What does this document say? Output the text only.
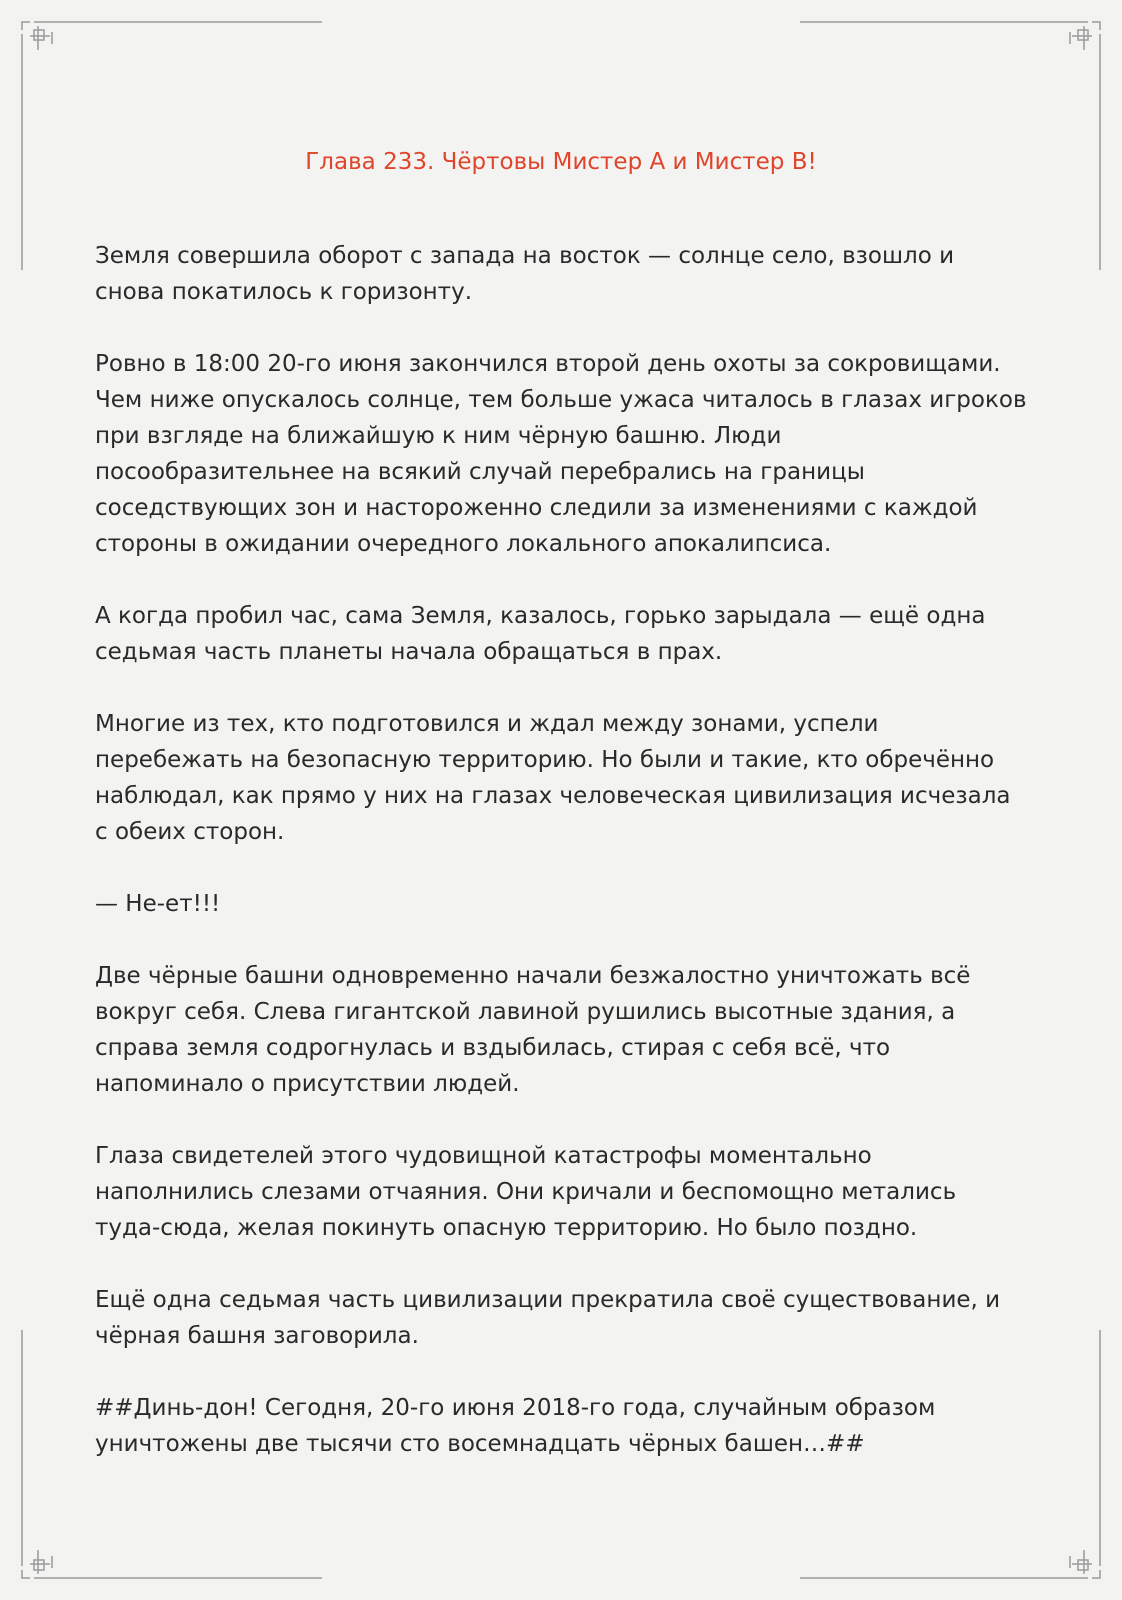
Глава 233. Чёртовы Мистер А и Мистер В!

Земля совершила оборот с запада на восток — солнце село, взошло и
снова покатилось к горизонту.

Ровно в 18:00 20-го июня закончился второй день охоты за сокровищами.
Чем ниже опускалось солнце, тем больше ужаса читалось в глазах игроков
при взгляде на ближайшую к ним чёрную башню. Люди
посообразительнее на всякий случай перебрались на границы
соседствующих зон и настороженно следили за изменениями с каждой
стороны в ожидании очередного локального апокалипсиса.

А когда пробил час, сама Земля, казалось, горько зарыдала — ещё одна
седьмая часть планеты начала обращаться в прах.

Многие из тех, кто подготовился и ждал между зонами, успели
перебежать на безопасную территорию. Но были и такие, кто обречённо
наблюдал, как прямо у них на глазах человеческая цивилизация исчезала
с обеих сторон.

— Не-ет!!!

Две чёрные башни одновременно начали безжалостно уничтожать всё
вокруг себя. Слева гигантской лавиной рушились высотные здания, а
справа земля содрогнулась и вздыбилась, стирая с себя всё, что
напоминало о присутствии людей.

Глаза свидетелей этого чудовищной катастрофы моментально
наполнились слезами отчаяния. Они кричали и беспомощно метались
туда-сюда, желая покинуть опасную территорию. Но было поздно.

Ещё одна седьмая часть цивилизации прекратила своё существование, и
чёрная башня заговорила.

##Динь-дон! Сегодня, 20-го июня 2018-го года, случайным образом
уничтожены две тысячи сто восемнадцать чёрных башен…##
